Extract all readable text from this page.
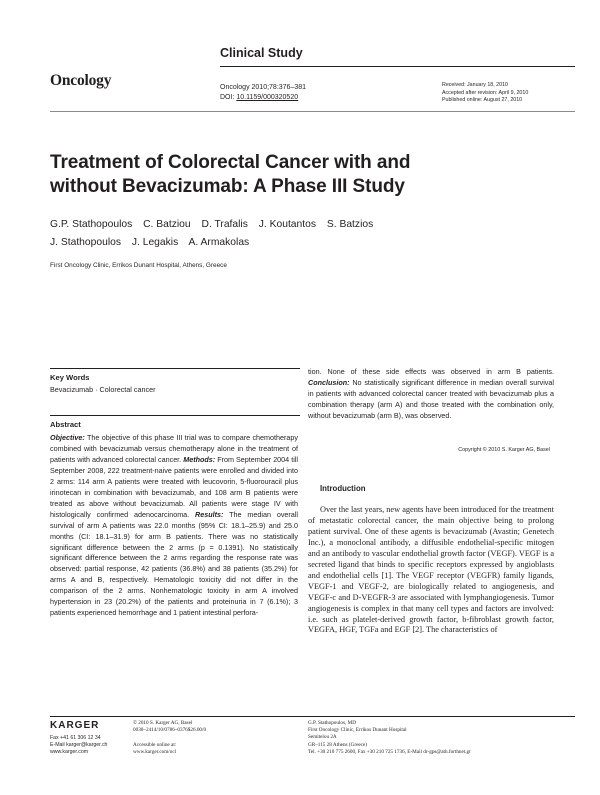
Clinical Study
Oncology	Oncology 2010;78:376–381
DOI: 10.1159/000320520
Received: January 18, 2010
Accepted after revision: April 9, 2010
Published online: August 27, 2010
Treatment of Colorectal Cancer with and
without Bevacizumab: A Phase III Study
G.P. Stathopoulos C. Batziou D. Trafalis J. Koutantos S. Batzios
J. Stathopoulos J. Legakis A. Armakolas
First Oncology Clinic, Errikos Dunant Hospital, Athens, Greece
Key Words
Bevacizumab · Colorectal cancer
Abstract
Objective: The objective of this phase III trial was to compare chemotherapy combined with bevacizumab versus chemotherapy alone in the treatment of patients with advanced colorectal cancer. Methods: From September 2004 till September 2008, 222 treatment-naive patients were enrolled and divided into 2 arms: 114 arm A patients were treated with leucovorin, 5-fluorouracil plus irinotecan in combination with bevacizumab, and 108 arm B patients were treated as above without bevacizumab. All patients were stage IV with histologically confirmed adenocarcinoma. Results: The median overall survival of arm A patients was 22.0 months (95% CI: 18.1–25.9) and 25.0 months (CI: 18.1–31.9) for arm B patients. There was no statistically significant difference between the 2 arms (p = 0.1391). No statistically significant difference between the 2 arms regarding the response rate was observed: partial response, 42 patients (36.8%) and 38 patients (35.2%) for arms A and B, respectively. Hematologic toxicity did not differ in the comparison of the 2 arms. Nonhematologic toxicity in arm A involved hypertension in 23 (20.2%) of the patients and proteinuria in 7 (6.1%); 3 patients experienced hemorrhage and 1 patient intestinal perfora-
tion. None of these side effects was observed in arm B patients. Conclusion: No statistically significant difference in median overall survival in patients with advanced colorectal cancer treated with bevacizumab plus a combination therapy (arm A) and those treated with the combination only, without bevacizumab (arm B), was observed.
Copyright © 2010 S. Karger AG, Basel
Introduction
Over the last years, new agents have been introduced for the treatment of metastatic colorectal cancer, the main objective being to prolong patient survival. One of these agents is bevacizumab (Avastin; Genetech Inc.), a monoclonal antibody, a diffusible endothelial-specific mitogen and an antibody to vascular endothelial growth factor (VEGF). VEGF is a secreted ligand that binds to specific receptors expressed by angioblasts and endothelial cells [1]. The VEGF receptor (VEGFR) family ligands, VEGF-1 and VEGF-2, are biologically related to angiogenesis, and VEGF-c and D-VEGFR-3 are associated with lymphangiogenesis. Tumor angiogenesis is complex in that many cell types and factors are involved: i.e. such as platelet-derived growth factor, b-fibroblast growth factor, VEGFA, HGF, TGFa and EGF [2]. The characteristics of
KARGER
Fax +41 61 306 12 34
E-Mail karger@karger.ch
www.karger.com
© 2010 S. Karger AG, Basel
0030–2414/10/0786–0376$26.00/0
Accessible online at:
www.karger.com/ocl
G.P. Stathopoulos, MD
First Oncology Clinic, Errikos Dunant Hospital
Semitelou 2A
GR–115 28 Athens (Greece)
Tel. +30 210 775 2600, Fax +30 210 725 1736, E-Mail dr-gps@ath.forthnet.gr
